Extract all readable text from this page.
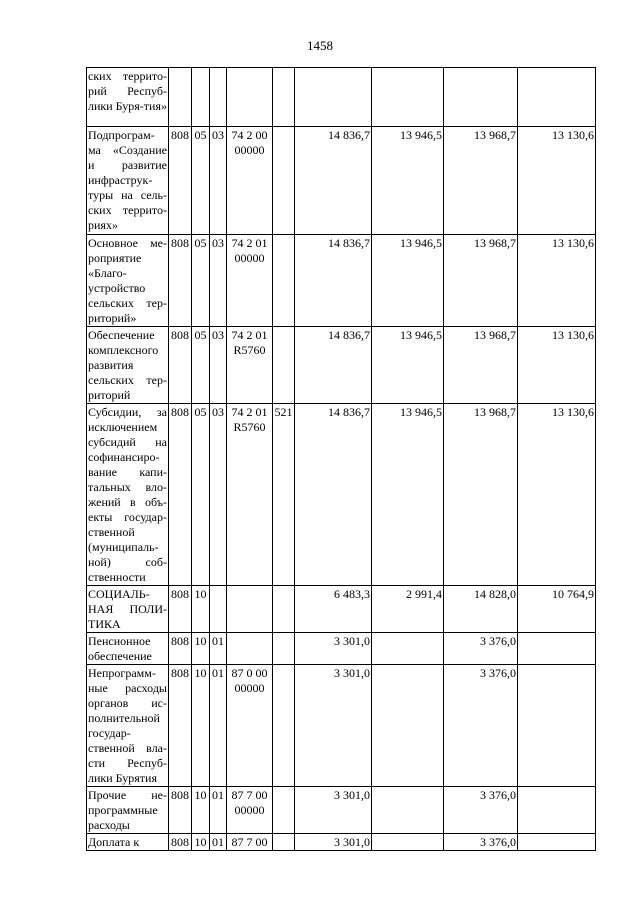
1458
ских террито-рий Респуб-лики Буря-тия»									
Подпрограм-ма «Создание и развитие инфраструк-туры на сель-ских террито-риях»	808	05	03	74 2 00 00000		14 836,7	13 946,5	13 968,7	13 130,6
Основное ме-роприятие «Благо-устройство сельских тер-риторий»	808	05	03	74 2 01 00000		14 836,7	13 946,5	13 968,7	13 130,6
Обеспечение комплексного развития сельских тер-риторий	808	05	03	74 2 01 R5760		14 836,7	13 946,5	13 968,7	13 130,6
Субсидии, за исключением субсидий на софинансиро-вание капи-тальных вло-жений в объ-екты государ-ственной (муниципаль-ной) соб-ственности	808	05	03	74 2 01 R5760	521	14 836,7	13 946,5	13 968,7	13 130,6
СОЦИАЛЬ-НАЯ ПОЛИ-ТИКА	808	10				6 483,3	2 991,4	14 828,0	10 764,9
Пенсионное обеспечение	808	10	01			3 301,0		3 376,0	
Непрограмм-ные расходы органов ис-полнительной государ-ственной вла-сти Респуб-лики Бурятия	808	10	01	87 0 00 00000		3 301,0		3 376,0	
Прочие не-программные расходы	808	10	01	87 7 00 00000		3 301,0		3 376,0	
Доплата к	808	10	01	87 7 00		3 301,0		3 376,0	
